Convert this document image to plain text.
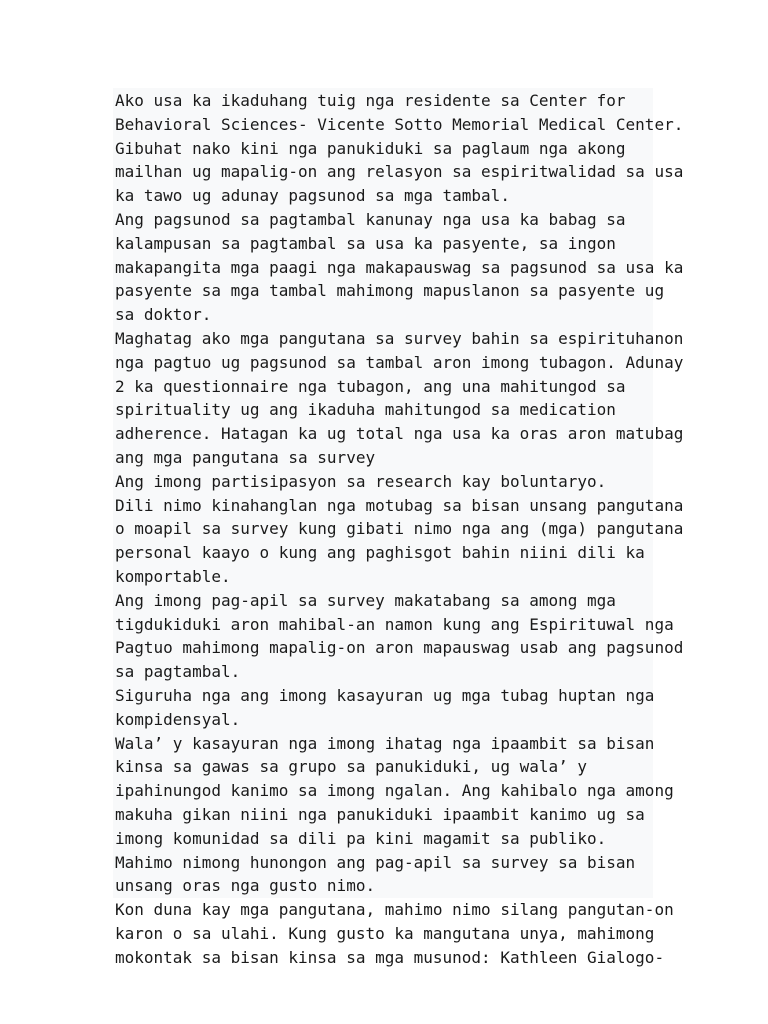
Ako usa ka ikaduhang tuig nga residente sa Center for
Behavioral Sciences- Vicente Sotto Memorial Medical Center.
Gibuhat nako kini nga panukiduki sa paglaum nga akong
mailhan ug mapalig-on ang relasyon sa espiritwalidad sa usa
ka tawo ug adunay pagsunod sa mga tambal.
Ang pagsunod sa pagtambal kanunay nga usa ka babag sa
kalampusan sa pagtambal sa usa ka pasyente, sa ingon
makapangita mga paagi nga makapauswag sa pagsunod sa usa ka
pasyente sa mga tambal mahimong mapuslanon sa pasyente ug
sa doktor.
Maghatag ako mga pangutana sa survey bahin sa espirituhanon
nga pagtuo ug pagsunod sa tambal aron imong tubagon. Adunay
2 ka questionnaire nga tubagon, ang una mahitungod sa
spirituality ug ang ikaduha mahitungod sa medication
adherence. Hatagan ka ug total nga usa ka oras aron matubag
ang mga pangutana sa survey
Ang imong partisipasyon sa research kay boluntaryo.
Dili nimo kinahanglan nga motubag sa bisan unsang pangutana
o moapil sa survey kung gibati nimo nga ang (mga) pangutana
personal kaayo o kung ang paghisgot bahin niini dili ka
komportable.
Ang imong pag-apil sa survey makatabang sa among mga
tigdukiduki aron mahibal-an namon kung ang Espirituwal nga
Pagtuo mahimong mapalig-on aron mapauswag usab ang pagsunod
sa pagtambal.
Siguruha nga ang imong kasayuran ug mga tubag huptan nga
kompidensyal.
Wala’ y kasayuran nga imong ihatag nga ipaambit sa bisan
kinsa sa gawas sa grupo sa panukiduki, ug wala’ y
ipahinungod kanimo sa imong ngalan. Ang kahibalo nga among
makuha gikan niini nga panukiduki ipaambit kanimo ug sa
imong komunidad sa dili pa kini magamit sa publiko.
Mahimo nimong hunongon ang pag-apil sa survey sa bisan
unsang oras nga gusto nimo.
Kon duna kay mga pangutana, mahimo nimo silang pangutan-on
karon o sa ulahi. Kung gusto ka mangutana unya, mahimong
mokontak sa bisan kinsa sa mga musunod: Kathleen Gialogo-
